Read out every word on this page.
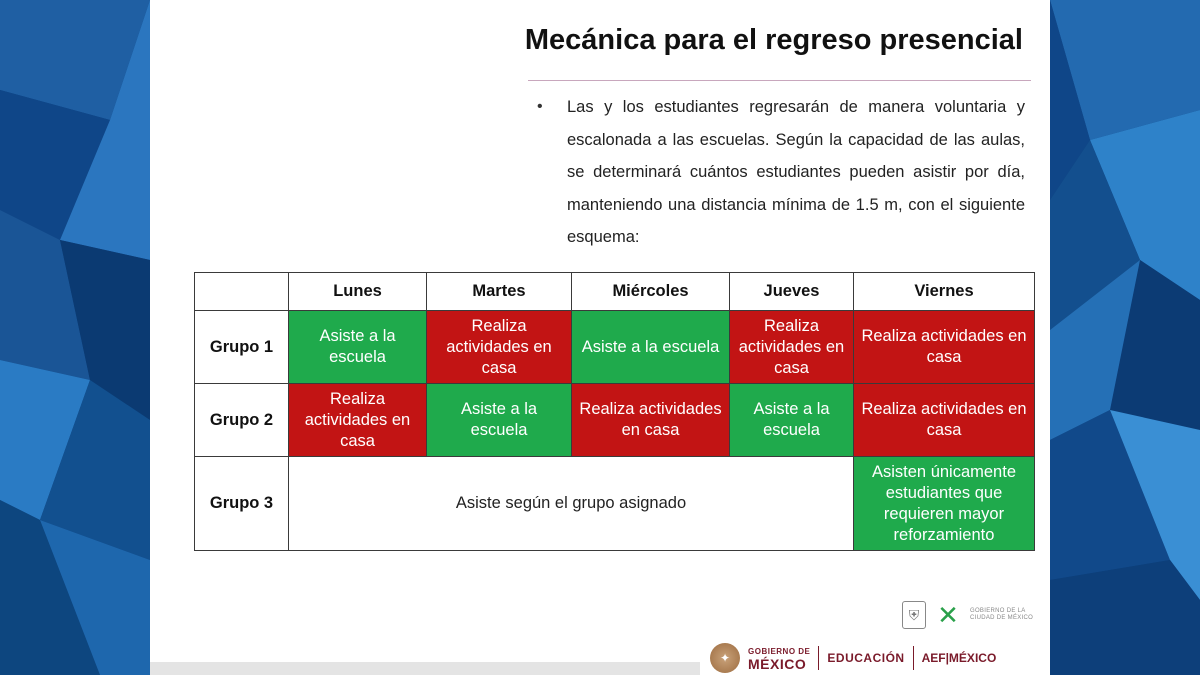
Mecánica para el regreso presencial
• Las y los estudiantes regresarán de manera voluntaria y escalonada a las escuelas. Según la capacidad de las aulas, se determinará cuántos estudiantes pueden asistir por día, manteniendo una distancia mínima de 1.5 m, con el siguiente esquema:
	Lunes	Martes	Miércoles	Jueves	Viernes
Grupo 1	Asiste a la escuela	Realiza actividades en casa	Asiste a la escuela	Realiza actividades en casa	Realiza actividades en casa
Grupo 2	Realiza actividades en casa	Asiste a la escuela	Realiza actividades en casa	Asiste a la escuela	Realiza actividades en casa
Grupo 3	Asiste según el grupo asignado				Asisten únicamente estudiantes que requieren mayor reforzamiento
⛨ ✕	GOBIERNO DE LA
CIUDAD DE MÉXICO
✦	GOBIERNO DE
MÉXICO	EDUCACIÓN AEF|MÉXICO
